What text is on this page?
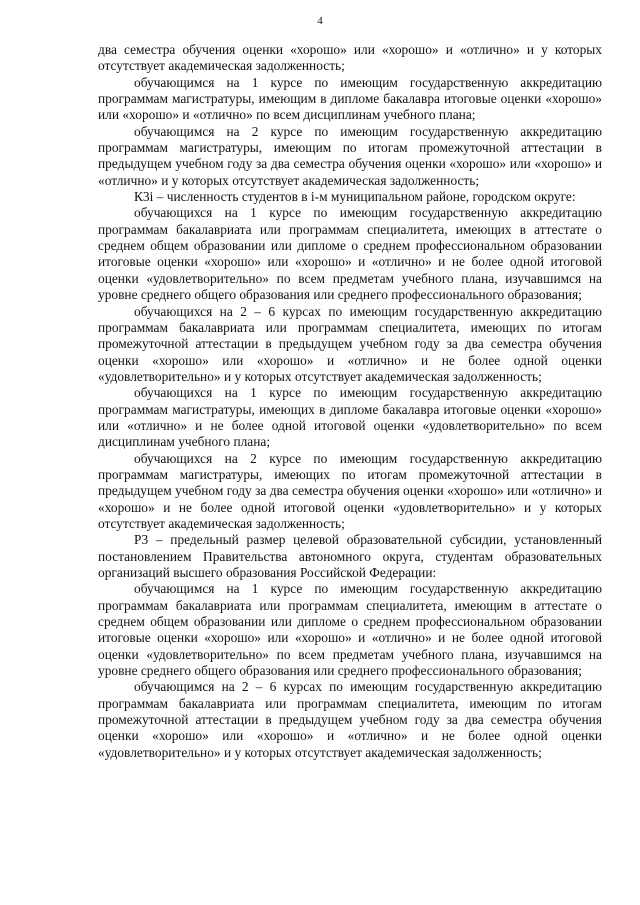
4

два семестра обучения оценки «хорошо» или «хорошо» и «отлично» и у которых отсутствует академическая задолженность;

обучающимся на 1 курсе по имеющим государственную аккредитацию программам магистратуры, имеющим в дипломе бакалавра итоговые оценки «хорошо» или «хорошо» и «отлично» по всем дисциплинам учебного плана;

обучающимся на 2 курсе по имеющим государственную аккредитацию программам магистратуры, имеющим по итогам промежуточной аттестации в предыдущем учебном году за два семестра обучения оценки «хорошо» или «хорошо» и «отлично» и у которых отсутствует академическая задолженность;

К3і – численность студентов в і-м муниципальном районе, городском округе:

обучающихся на 1 курсе по имеющим государственную аккредитацию программам бакалавриата или программам специалитета, имеющих в аттестате о среднем общем образовании или дипломе о среднем профессиональном образовании итоговые оценки «хорошо» или «хорошо» и «отлично» и не более одной итоговой оценки «удовлетворительно» по всем предметам учебного плана, изучавшимся на уровне среднего общего образования или среднего профессионального образования;

обучающихся на 2 – 6 курсах по имеющим государственную аккредитацию программам бакалавриата или программам специалитета, имеющих по итогам промежуточной аттестации в предыдущем учебном году за два семестра обучения оценки «хорошо» или «хорошо» и «отлично» и не более одной оценки «удовлетворительно» и у которых отсутствует академическая задолженность;

обучающихся на 1 курсе по имеющим государственную аккредитацию программам магистратуры, имеющих в дипломе бакалавра итоговые оценки «хорошо» или «отлично» и не более одной итоговой оценки «удовлетворительно» по всем дисциплинам учебного плана;

обучающихся на 2 курсе по имеющим государственную аккредитацию программам магистратуры, имеющих по итогам промежуточной аттестации в предыдущем учебном году за два семестра обучения оценки «хорошо» или «отлично» и «хорошо» и не более одной итоговой оценки «удовлетворительно» и у которых отсутствует академическая задолженность;

Р3 – предельный размер целевой образовательной субсидии, установленный постановлением Правительства автономного округа, студентам образовательных организаций высшего образования Российской Федерации:

обучающимся на 1 курсе по имеющим государственную аккредитацию программам бакалавриата или программам специалитета, имеющим в аттестате о среднем общем образовании или дипломе о среднем профессиональном образовании итоговые оценки «хорошо» или «хорошо» и «отлично» и не более одной итоговой оценки «удовлетворительно» по всем предметам учебного плана, изучавшимся на уровне среднего общего образования или среднего профессионального образования;

обучающимся на 2 – 6 курсах по имеющим государственную аккредитацию программам бакалавриата или программам специалитета, имеющим по итогам промежуточной аттестации в предыдущем учебном году за два семестра обучения оценки «хорошо» или «хорошо» и «отлично» и не более одной оценки «удовлетворительно» и у которых отсутствует академическая задолженность;
